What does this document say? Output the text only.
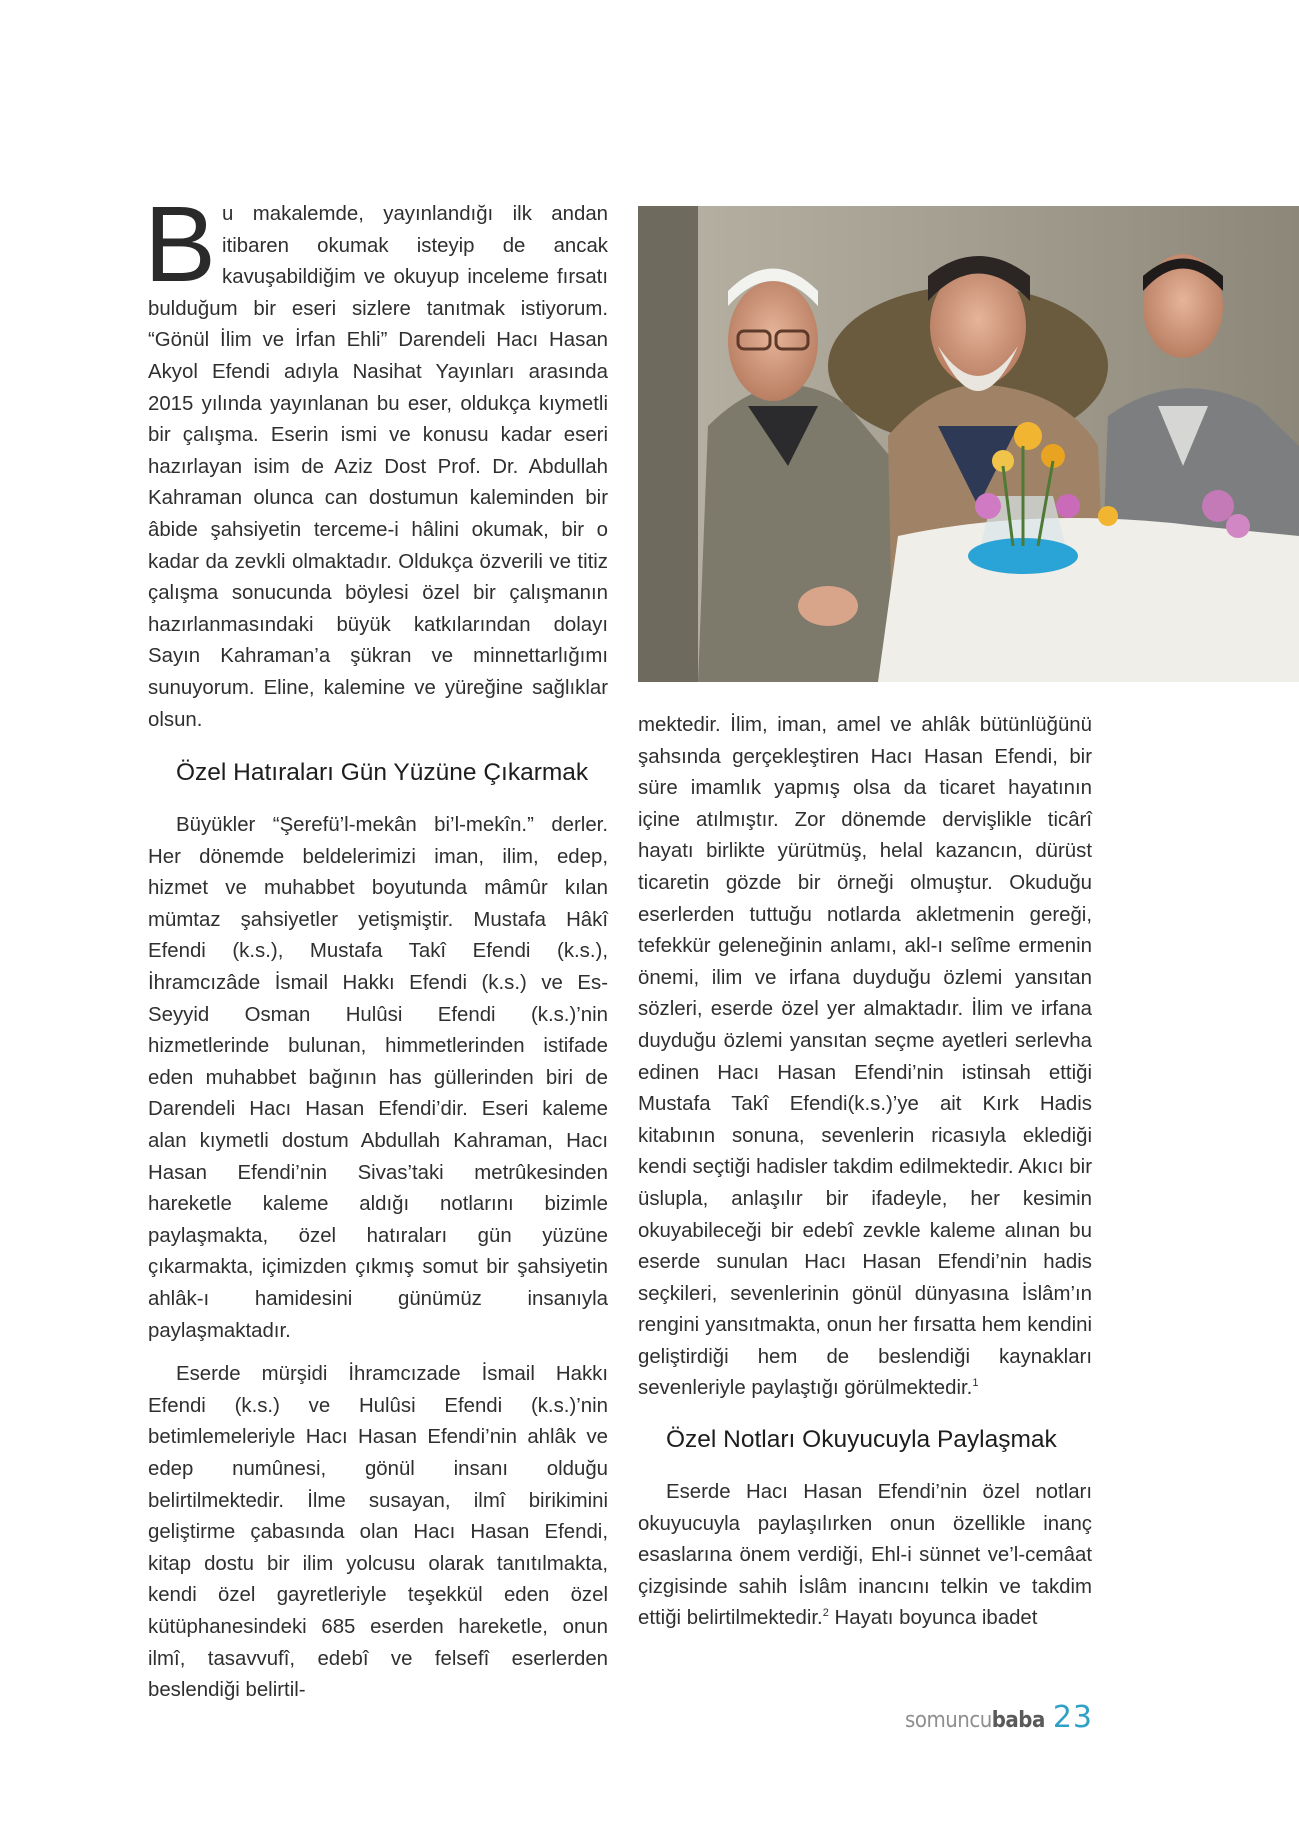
Bu makalemde, yayınlandığı ilk andan itibaren okumak isteyip de ancak kavuşabildiğim ve okuyup inceleme fırsatı bulduğum bir eseri sizlere tanıtmak istiyorum. “Gönül İlim ve İrfan Ehli” Darendeli Hacı Hasan Akyol Efendi adıyla Nasihat Yayınları arasında 2015 yılında yayınlanan bu eser, oldukça kıymetli bir çalışma. Eserin ismi ve konusu kadar eseri hazırlayan isim de Aziz Dost Prof. Dr. Abdullah Kahraman olunca can dostumun kaleminden bir âbide şahsiyetin terceme-i hâlini okumak, bir o kadar da zevkli olmaktadır. Oldukça özverili ve titiz çalışma sonucunda böylesi özel bir çalışmanın hazırlanmasındaki büyük katkılarından dolayı Sayın Kahraman’a şükran ve minnettarlığımı sunuyorum. Eline, kalemine ve yüreğine sağlıklar olsun.

Özel Hatıraları Gün Yüzüne Çıkarmak

Büyükler “Şerefü’l-mekân bi’l-mekîn.” derler. Her dönemde beldelerimizi iman, ilim, edep, hizmet ve muhabbet boyutunda mâmûr kılan mümtaz şahsiyetler yetişmiştir. Mustafa Hâkî Efendi (k.s.), Mustafa Takî Efendi (k.s.), İhramcızâde İsmail Hakkı Efendi (k.s.) ve Es-Seyyid Osman Hulûsi Efendi (k.s.)’nin hizmetlerinde bulunan, himmetlerinden istifade eden muhabbet bağının has güllerinden biri de Darendeli Hacı Hasan Efendi’dir. Eseri kaleme alan kıymetli dostum Abdullah Kahraman, Hacı Hasan Efendi’nin Sivas’taki metrûkesinden hareketle kaleme aldığı notlarını bizimle paylaşmakta, özel hatıraları gün yüzüne çıkarmakta, içimizden çıkmış somut bir şahsiyetin ahlâk-ı hamidesini günümüz insanıyla paylaşmaktadır.

Eserde mürşidi İhramcızade İsmail Hakkı Efendi (k.s.) ve Hulûsi Efendi (k.s.)’nin betimlemeleriyle Hacı Hasan Efendi’nin ahlâk ve edep numûnesi, gönül insanı olduğu belirtilmektedir. İlme susayan, ilmî birikimini geliştirme çabasında olan Hacı Hasan Efendi, kitap dostu bir ilim yolcusu olarak tanıtılmakta, kendi özel gayretleriyle teşekkül eden özel kütüphanesindeki 685 eserden hareketle, onun ilmî, tasavvufî, edebî ve felsefî eserlerden beslendiği belirtil-

mektedir. İlim, iman, amel ve ahlâk bütünlüğünü şahsında gerçekleştiren Hacı Hasan Efendi, bir süre imamlık yapmış olsa da ticaret hayatının içine atılmıştır. Zor dönemde dervişlikle ticârî hayatı birlikte yürütmüş, helal kazancın, dürüst ticaretin gözde bir örneği olmuştur. Okuduğu eserlerden tuttuğu notlarda akletmenin gereği, tefekkür geleneğinin anlamı, akl-ı selîme ermenin önemi, ilim ve irfana duyduğu özlemi yansıtan sözleri, eserde özel yer almaktadır. İlim ve irfana duyduğu özlemi yansıtan seçme ayetleri serlevha edinen Hacı Hasan Efendi’nin istinsah ettiği Mustafa Takî Efendi(k.s.)’ye ait Kırk Hadis kitabının sonuna, sevenlerin ricasıyla eklediği kendi seçtiği hadisler takdim edilmektedir. Akıcı bir üslupla, anlaşılır bir ifadeyle, her kesimin okuyabileceği bir edebî zevkle kaleme alınan bu eserde sunulan Hacı Hasan Efendi’nin hadis seçkileri, sevenlerinin gönül dünyasına İslâm’ın rengini yansıtmakta, onun her fırsatta hem kendini geliştirdiği hem de beslendiği kaynakları sevenleriyle paylaştığı görülmektedir.$^1$

Özel Notları Okuyucuyla Paylaşmak

Eserde Hacı Hasan Efendi’nin özel notları okuyucuyla paylaşılırken onun özellikle inanç esaslarına önem verdiği, Ehl-i sünnet ve’l-cemâat çizgisinde sahih İslâm inancını telkin ve takdim ettiği belirtilmektedir.$^2$ Hayatı boyunca ibadet

somuncubaba 23
